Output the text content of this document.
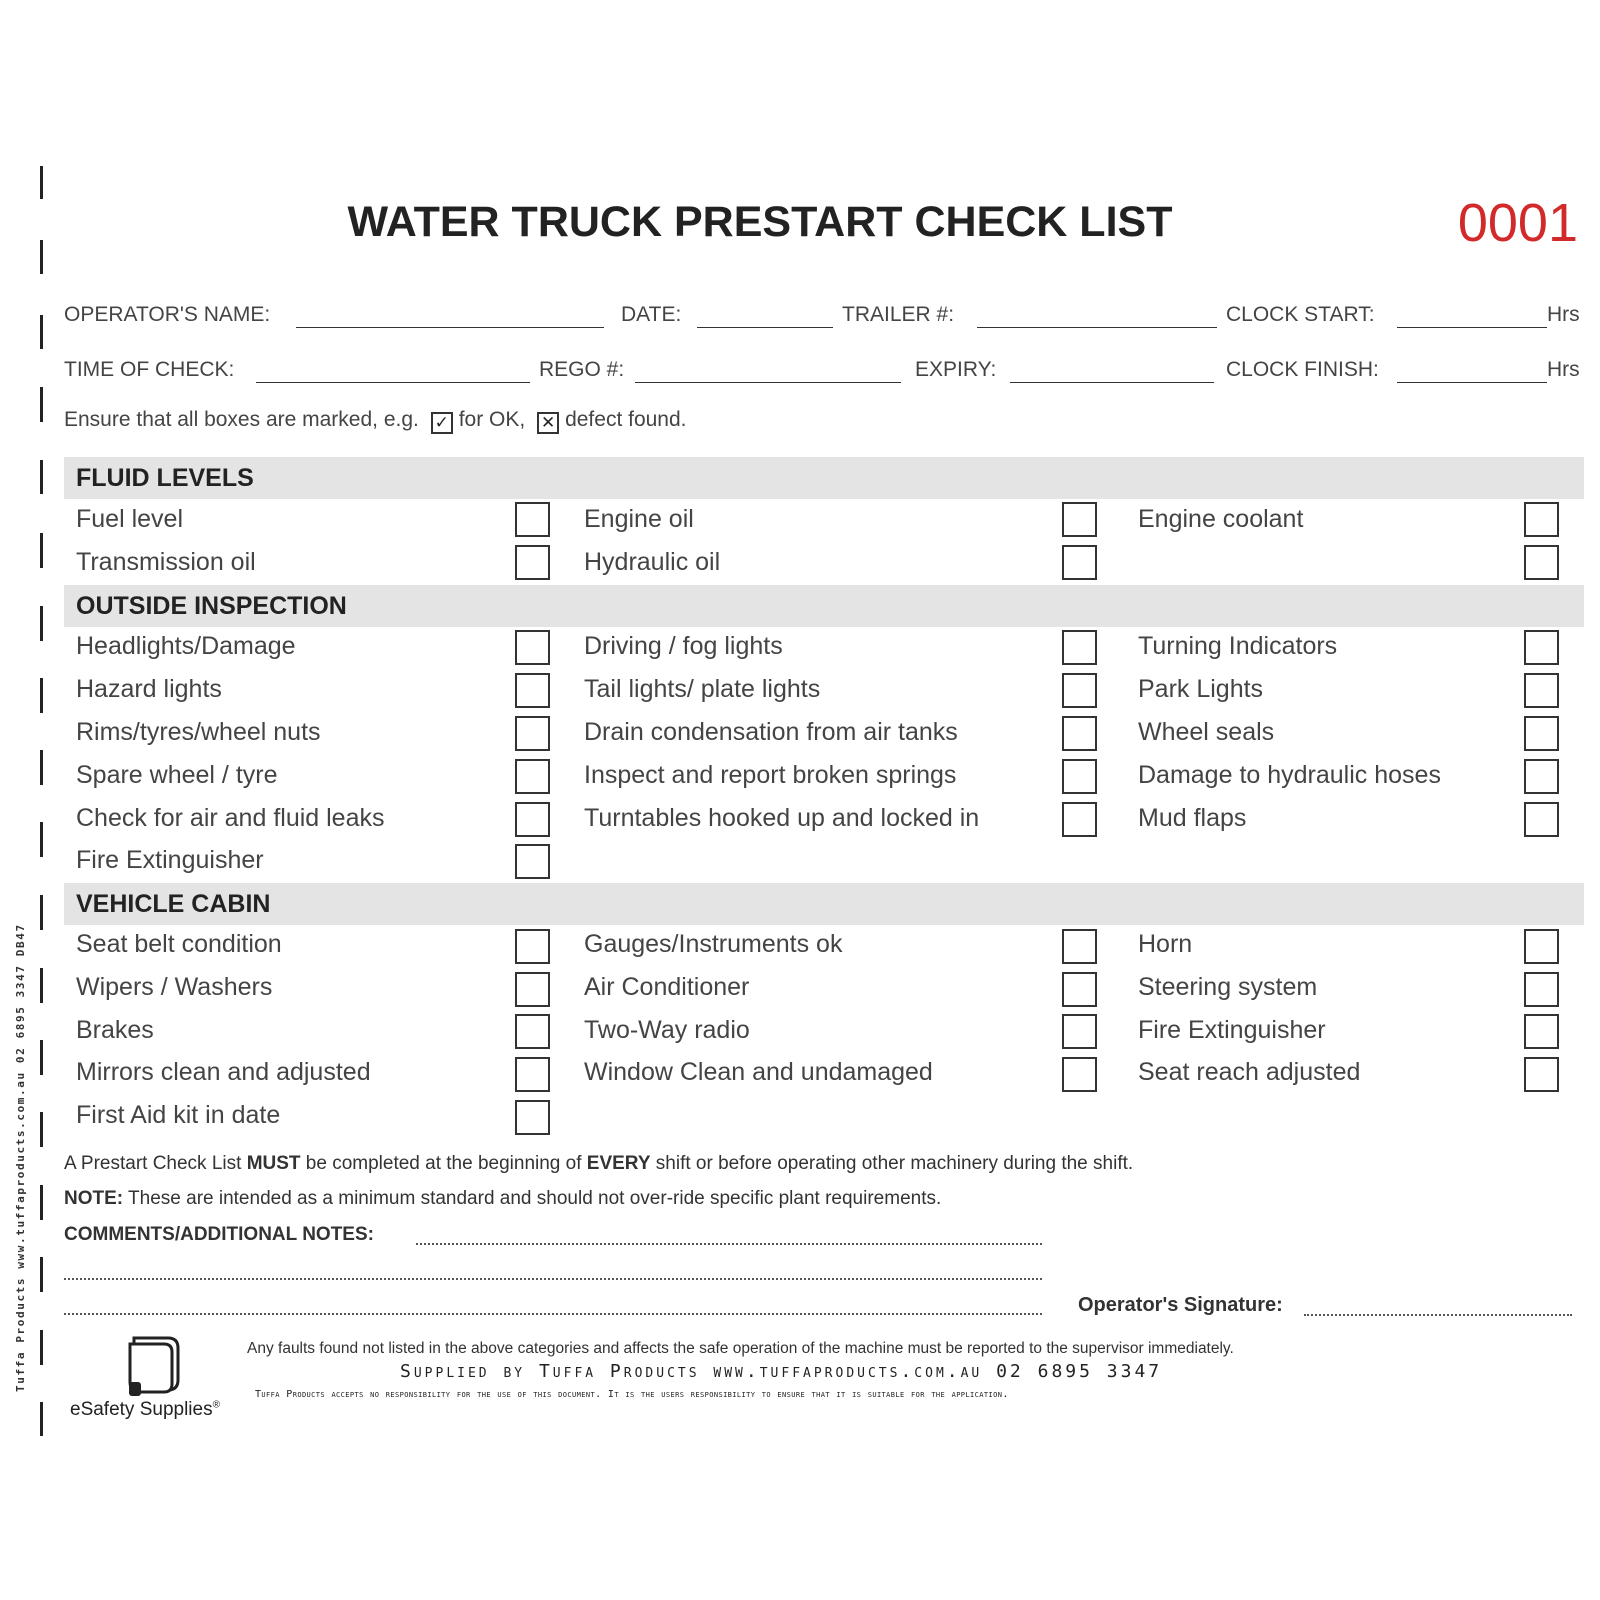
Tuffa Products www.tuffaproducts.com.au 02 6895 3347 DB47
WATER TRUCK PRESTART CHECK LIST	0001
OPERATOR'S NAME:	DATE:	TRAILER #:	CLOCK START:	Hrs
TIME OF CHECK:	REGO #:	EXPIRY:	CLOCK FINISH:	Hrs
Ensure that all boxes are marked, e.g. ✓ for OK, ✕ defect found.
FLUID LEVELS
Fuel level	Engine oil	Engine coolant
Transmission oil	Hydraulic oil
OUTSIDE INSPECTION
Headlights/Damage	Driving / fog lights	Turning Indicators
Hazard lights	Tail lights/ plate lights	Park Lights
Rims/tyres/wheel nuts	Drain condensation from air tanks	Wheel seals
Spare wheel / tyre	Inspect and report broken springs	Damage to hydraulic hoses
Check for air and fluid leaks	Turntables hooked up and locked in	Mud flaps
Fire Extinguisher
VEHICLE CABIN
Seat belt condition	Gauges/Instruments ok	Horn
Wipers / Washers	Air Conditioner	Steering system
Brakes	Two-Way radio	Fire Extinguisher
Mirrors clean and adjusted	Window Clean and undamaged	Seat reach adjusted
First Aid kit in date
A Prestart Check List MUST be completed at the beginning of EVERY shift or before operating other machinery during the shift.
NOTE: These are intended as a minimum standard and should not over-ride specific plant requirements.
COMMENTS/ADDITIONAL NOTES:
Operator's Signature:
Any faults found not listed in the above categories and affects the safe operation of the machine must be reported to the supervisor immediately.
Supplied by Tuffa Products www.tuffaproducts.com.au 02 6895 3347
Tuffa Products accepts no responsibility for the use of this document. It is the users responsibility to ensure that it is suitable for the application.
eSafety Supplies®
